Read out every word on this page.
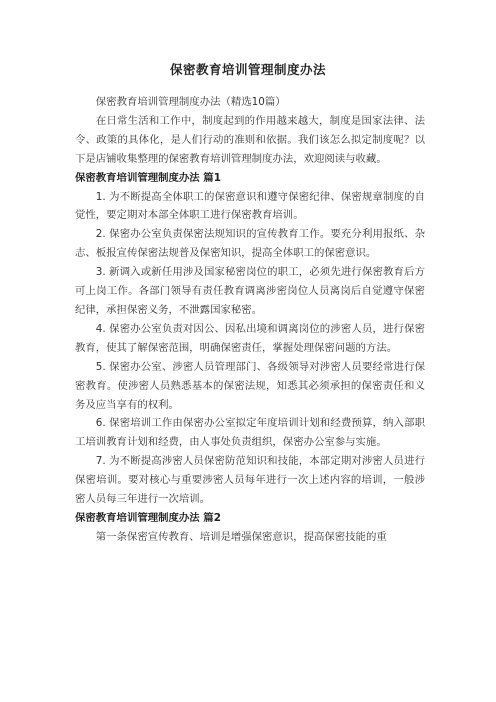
保密教育培训管理制度办法

保密教育培训管理制度办法（精选10篇）

在日常生活和工作中，制度起到的作用越来越大，制度是国家法律、法令、政策的具体化，是人们行动的准则和依据。我们该怎么拟定制度呢？以下是店铺收集整理的保密教育培训管理制度办法，欢迎阅读与收藏。

保密教育培训管理制度办法 篇1

1. 为不断提高全体职工的保密意识和遵守保密纪律、保密规章制度的自觉性，要定期对本部全体职工进行保密教育培训。

2. 保密办公室负责保密法规知识的宣传教育工作。要充分利用报纸、杂志、板报宣传保密法规普及保密知识，提高全体职工的保密意识。

3. 新调入或新任用涉及国家秘密岗位的职工，必须先进行保密教育后方可上岗工作。各部门领导有责任教育调离涉密岗位人员离岗后自觉遵守保密纪律，承担保密义务，不泄露国家秘密。

4. 保密办公室负责对因公、因私出境和调离岗位的涉密人员，进行保密教育，使其了解保密范围，明确保密责任，掌握处理保密问题的方法。

5. 保密办公室、涉密人员管理部门、各级领导对涉密人员要经常进行保密教育。使涉密人员熟悉基本的保密法规，知悉其必须承担的保密责任和义务及应当享有的权利。

6. 保密培训工作由保密办公室拟定年度培训计划和经费预算，纳入部职工培训教育计划和经费，由人事处负责组织，保密办公室参与实施。

7. 为不断提高涉密人员保密防范知识和技能，本部定期对涉密人员进行保密培训。要对核心与重要涉密人员每年进行一次上述内容的培训，一般涉密人员每三年进行一次培训。

保密教育培训管理制度办法 篇2

第一条保密宣传教育、培训是增强保密意识，提高保密技能的重
